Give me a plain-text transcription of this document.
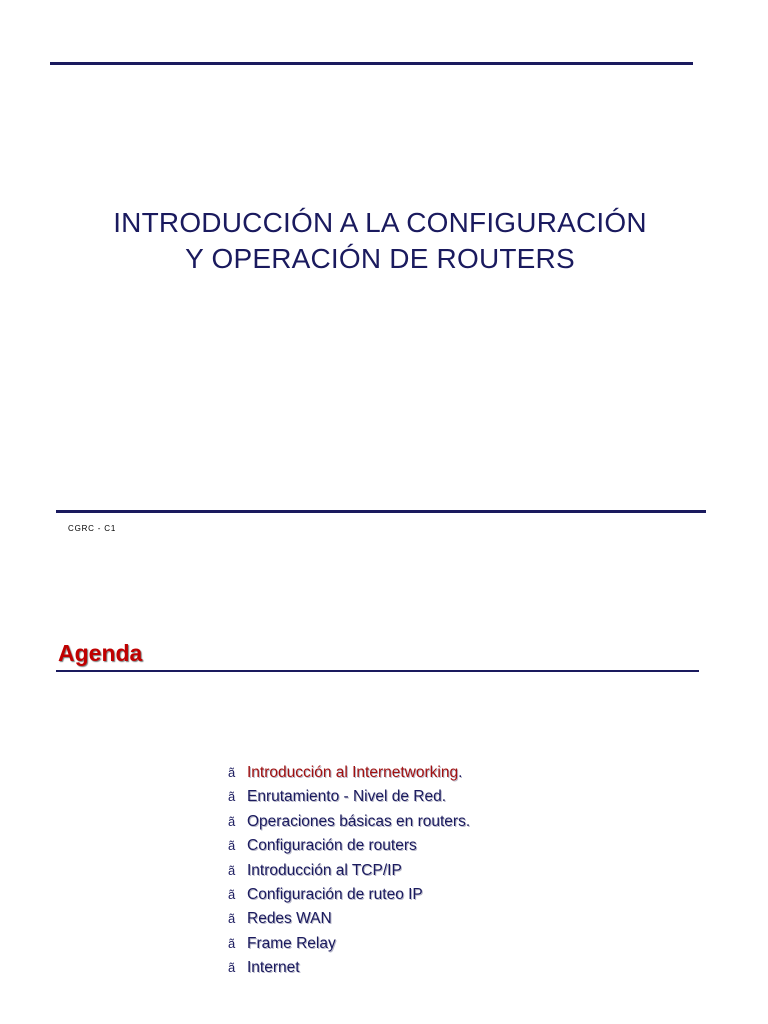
INTRODUCCIÓN A LA CONFIGURACIÓN
Y OPERACIÓN DE ROUTERS
CGRC - C1
Agenda
ã Introducción al Internetworking .
ã Enrutamiento - Nivel de Red.
ã Operaciones básicas en routers.
ã Configuración de routers
ã Introducción al TCP/IP
ã Configuración de ruteo IP
ã Redes WAN
ã Frame Relay
ã Internet
